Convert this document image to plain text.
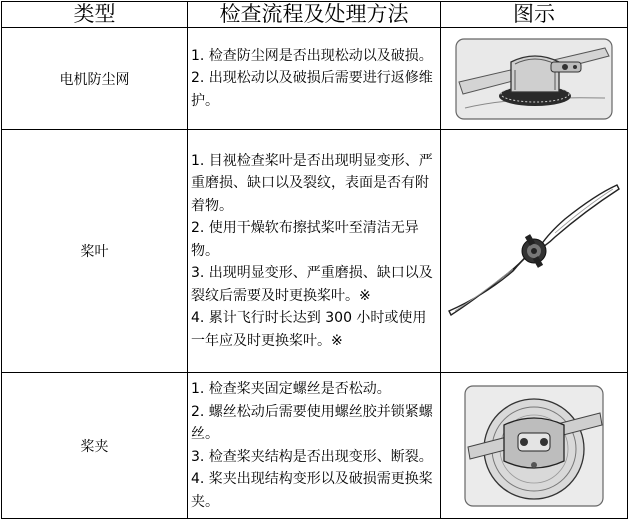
类型	检查流程及处理方法	图示
电机防尘网	1. 检查防尘网是否出现松动以及破损。

2. 出现松动以及破损后需要进行返修维护。

桨叶	1. 目视检查桨叶是否出现明显变形、严重磨损、缺口以及裂纹，表面是否有附着物。

2. 使用干燥软布擦拭桨叶至清洁无异物。

3. 出现明显变形、严重磨损、缺口以及裂纹后需要及时更换桨叶。※

4. 累计飞行时长达到 300 小时或使用一年应及时更换桨叶。※

桨夹	1. 检查桨夹固定螺丝是否松动。

2. 螺丝松动后需要使用螺丝胶并锁紧螺丝。

3. 检查桨夹结构是否出现变形、断裂。

4. 桨夹出现结构变形以及破损需更换桨夹。
